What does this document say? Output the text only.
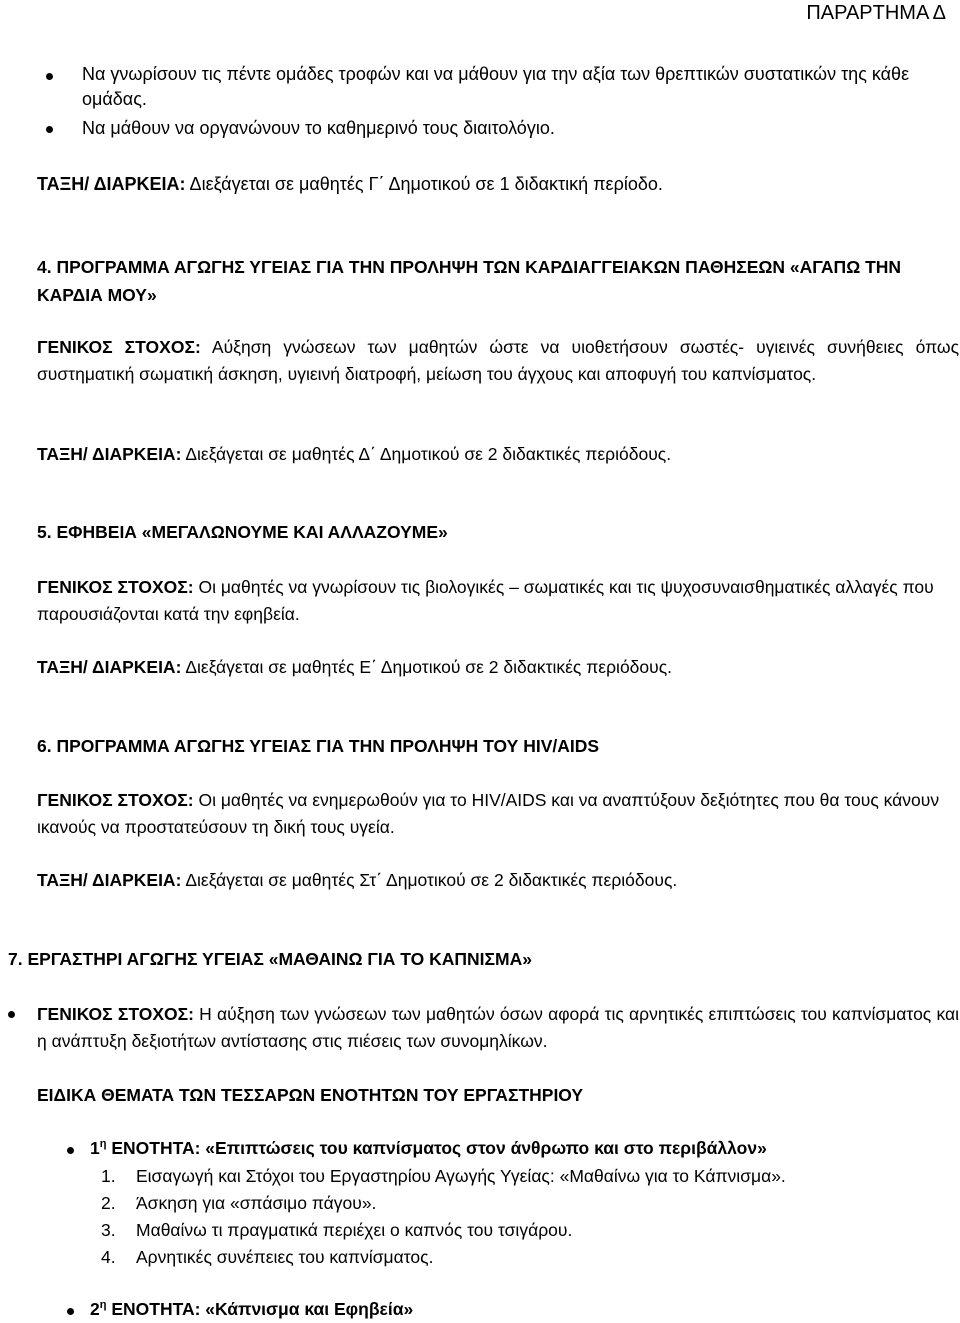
ΠΑΡΑΡΤΗΜΑ Δ
Να γνωρίσουν τις πέντε ομάδες τροφών και να μάθουν για την αξία των θρεπτικών συστατικών της κάθε ομάδας.
Να μάθουν να οργανώνουν το καθημερινό τους διαιτολόγιο.
ΤΑΞΗ/ ΔΙΑΡΚΕΙΑ: Διεξάγεται σε μαθητές Γ΄ Δημοτικού σε 1 διδακτική περίοδο.
4. ΠΡΟΓΡΑΜΜΑ ΑΓΩΓΗΣ ΥΓΕΙΑΣ ΓΙΑ ΤΗΝ ΠΡΟΛΗΨΗ ΤΩΝ ΚΑΡΔΙΑΓΓΕΙΑΚΩΝ ΠΑΘΗΣΕΩΝ «ΑΓΑΠΩ ΤΗΝ ΚΑΡΔΙΑ ΜΟΥ»
ΓΕΝΙΚΟΣ ΣΤΟΧΟΣ: Αύξηση γνώσεων των μαθητών ώστε να υιοθετήσουν σωστές- υγιεινές συνήθειες όπως συστηματική σωματική άσκηση, υγιεινή διατροφή, μείωση του άγχους και αποφυγή του καπνίσματος.
ΤΑΞΗ/ ΔΙΑΡΚΕΙΑ: Διεξάγεται σε μαθητές Δ΄ Δημοτικού σε 2 διδακτικές περιόδους.
5. ΕΦΗΒΕΙΑ «ΜΕΓΑΛΩΝΟΥΜΕ ΚΑΙ ΑΛΛΑΖΟΥΜΕ»
ΓΕΝΙΚΟΣ ΣΤΟΧΟΣ: Οι μαθητές να γνωρίσουν τις βιολογικές – σωματικές και τις ψυχοσυναισθηματικές αλλαγές που παρουσιάζονται κατά την εφηβεία.
ΤΑΞΗ/ ΔΙΑΡΚΕΙΑ: Διεξάγεται σε μαθητές Ε΄ Δημοτικού σε 2 διδακτικές περιόδους.
6. ΠΡΟΓΡΑΜΜΑ ΑΓΩΓΗΣ ΥΓΕΙΑΣ ΓΙΑ ΤΗΝ ΠΡΟΛΗΨΗ ΤΟΥ HIV/AIDS
ΓΕΝΙΚΟΣ ΣΤΟΧΟΣ: Οι μαθητές να ενημερωθούν για το HIV/AIDS και να αναπτύξουν δεξιότητες που θα τους κάνουν ικανούς να προστατεύσουν τη δική τους υγεία.
ΤΑΞΗ/ ΔΙΑΡΚΕΙΑ: Διεξάγεται σε μαθητές Στ΄ Δημοτικού σε 2 διδακτικές περιόδους.
7. ΕΡΓΑΣΤΗΡΙ ΑΓΩΓΗΣ ΥΓΕΙΑΣ «ΜΑΘΑΙΝΩ ΓΙΑ ΤΟ ΚΑΠΝΙΣΜΑ»
ΓΕΝΙΚΟΣ ΣΤΟΧΟΣ: Η αύξηση των γνώσεων των μαθητών όσων αφορά τις αρνητικές επιπτώσεις του καπνίσματος και η ανάπτυξη δεξιοτήτων αντίστασης στις πιέσεις των συνομηλίκων.
ΕΙΔΙΚΑ ΘΕΜΑΤΑ ΤΩΝ ΤΕΣΣΑΡΩΝ ΕΝΟΤΗΤΩΝ ΤΟΥ ΕΡΓΑΣΤΗΡΙΟΥ
$1^\eta$ ΕΝΟΤΗΤΑ: «Επιπτώσεις του καπνίσματος στον άνθρωπο και στο περιβάλλον»
1. Εισαγωγή και Στόχοι του Εργαστηρίου Αγωγής Υγείας: «Μαθαίνω για το Κάπνισμα».
2. Άσκηση για «σπάσιμο πάγου».
3. Μαθαίνω τι πραγματικά περιέχει ο καπνός του τσιγάρου.
4. Αρνητικές συνέπειες του καπνίσματος.
$2^\eta$ ΕΝΟΤΗΤΑ: «Κάπνισμα και Εφηβεία»
